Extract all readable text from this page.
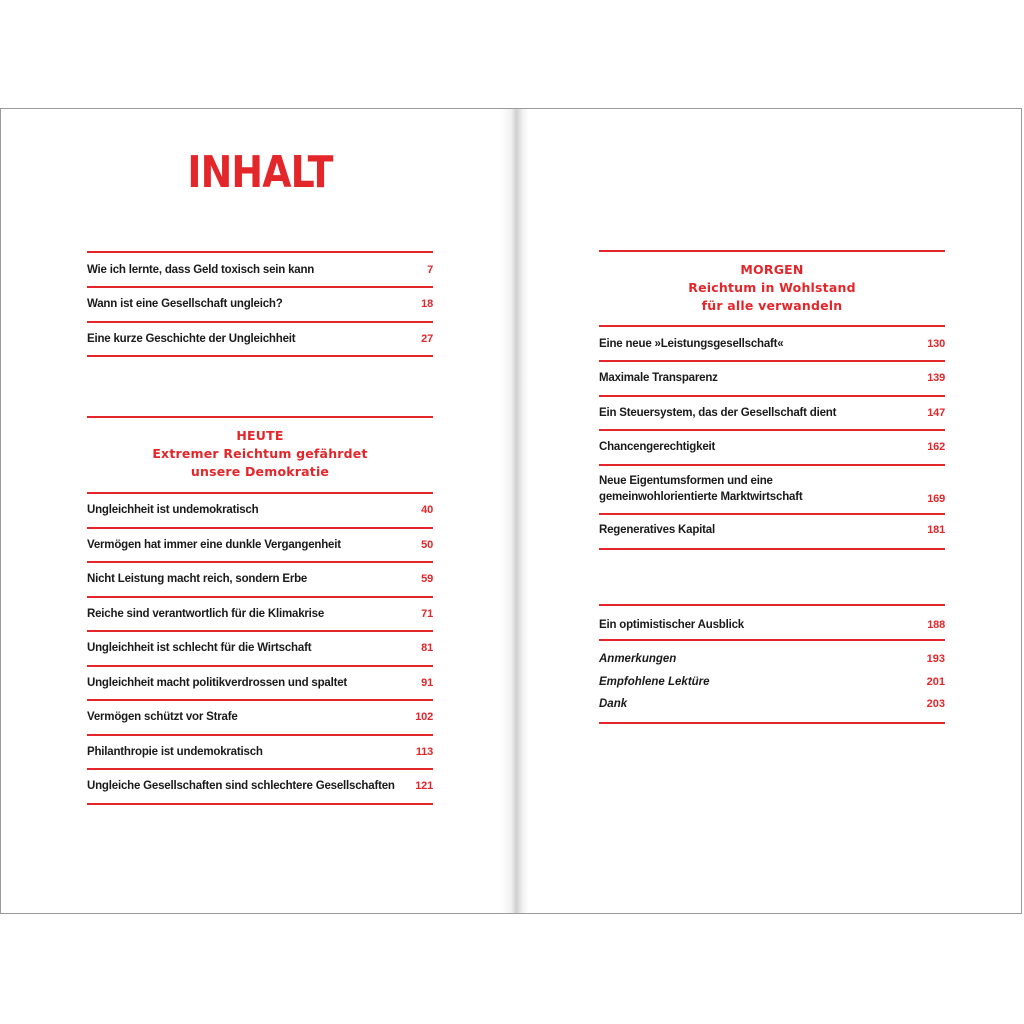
INHALT
Wie ich lernte, dass Geld toxisch sein kann	7
Wann ist eine Gesellschaft ungleich?	18
Eine kurze Geschichte der Ungleichheit	27
HEUTE
Extremer Reichtum gefährdet
unsere Demokratie
Ungleichheit ist undemokratisch	40
Vermögen hat immer eine dunkle Vergangenheit	50
Nicht Leistung macht reich, sondern Erbe	59
Reiche sind verantwortlich für die Klimakrise	71
Ungleichheit ist schlecht für die Wirtschaft	81
Ungleichheit macht politikverdrossen und spaltet	91
Vermögen schützt vor Strafe	102
Philanthropie ist undemokratisch	113
Ungleiche Gesellschaften sind schlechtere Gesellschaften	121
MORGEN
Reichtum in Wohlstand
für alle verwandeln
Eine neue »Leistungsgesellschaft«	130
Maximale Transparenz	139
Ein Steuersystem, das der Gesellschaft dient	147
Chancengerechtigkeit	162
Neue Eigentumsformen und eine
gemeinwohlorientierte Marktwirtschaft	169
Regeneratives Kapital	181
Ein optimistischer Ausblick	188
Anmerkungen	193
Empfohlene Lektüre	201
Dank	203
